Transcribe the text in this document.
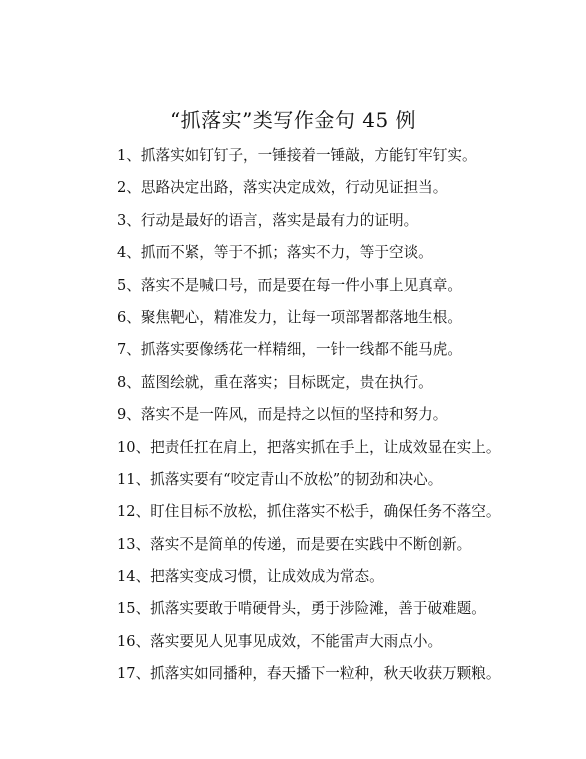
“抓落实”类写作金句 45 例
1、抓落实如钉钉子，一锤接着一锤敲，方能钉牢钉实。
2、思路决定出路，落实决定成效，行动见证担当。
3、行动是最好的语言，落实是最有力的证明。
4、抓而不紧，等于不抓；落实不力，等于空谈。
5、落实不是喊口号，而是要在每一件小事上见真章。
6、聚焦靶心，精准发力，让每一项部署都落地生根。
7、抓落实要像绣花一样精细，一针一线都不能马虎。
8、蓝图绘就，重在落实；目标既定，贵在执行。
9、落实不是一阵风，而是持之以恒的坚持和努力。
10、把责任扛在肩上，把落实抓在手上，让成效显在实上。
11、抓落实要有“咬定青山不放松”的韧劲和决心。
12、盯住目标不放松，抓住落实不松手，确保任务不落空。
13、落实不是简单的传递，而是要在实践中不断创新。
14、把落实变成习惯，让成效成为常态。
15、抓落实要敢于啃硬骨头，勇于涉险滩，善于破难题。
16、落实要见人见事见成效，不能雷声大雨点小。
17、抓落实如同播种，春天播下一粒种，秋天收获万颗粮。
